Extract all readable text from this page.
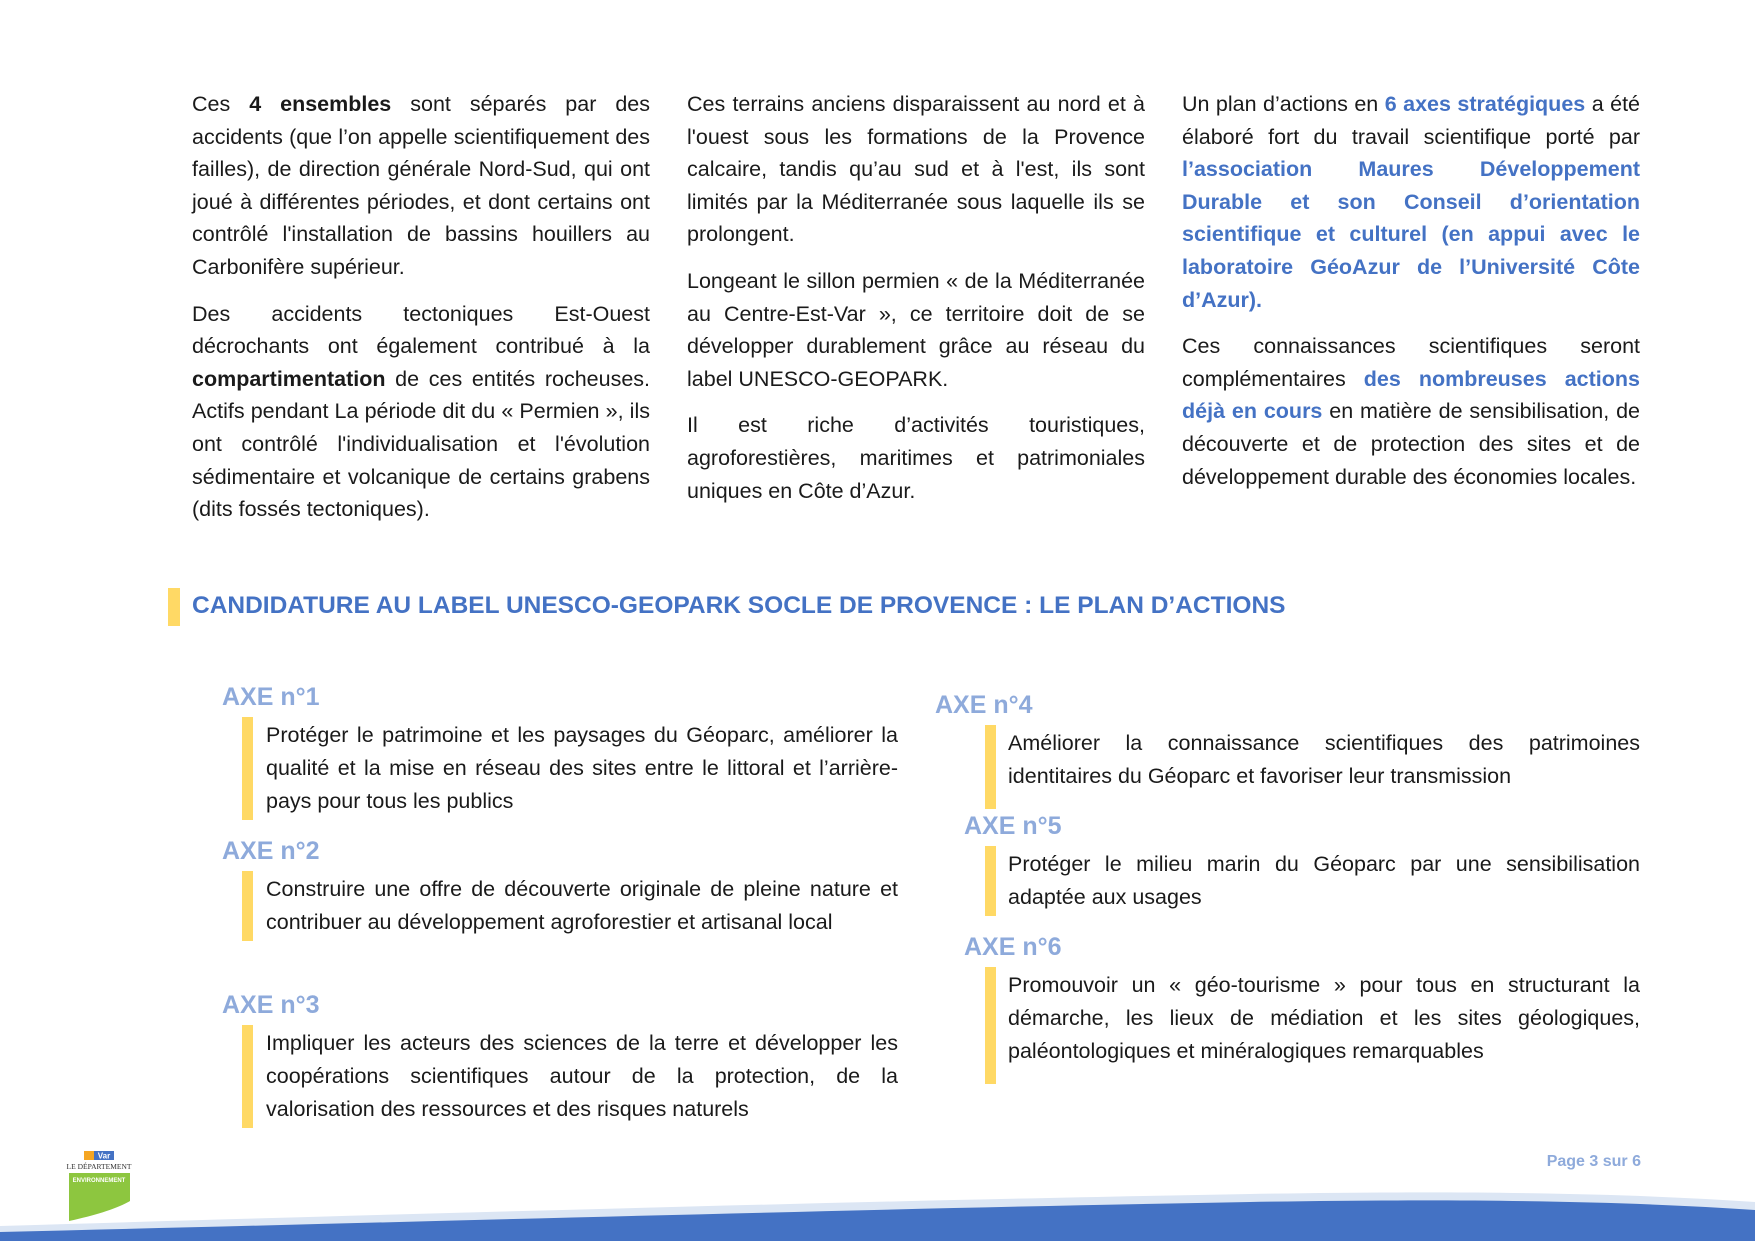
Ces 4 ensembles sont séparés par des accidents (que l’on appelle scientifiquement des failles), de direction générale Nord-Sud, qui ont joué à différentes périodes, et dont certains ont contrôlé l'installation de bassins houillers au Carbonifère supérieur.

Des accidents tectoniques Est-Ouest décrochants ont également contribué à la compartimentation de ces entités rocheuses. Actifs pendant La période dit du « Permien », ils ont contrôlé l'individualisation et l'évolution sédimentaire et volcanique de certains grabens (dits fossés tectoniques).

Ces terrains anciens disparaissent au nord et à l'ouest sous les formations de la Provence calcaire, tandis qu’au sud et à l'est, ils sont limités par la Méditerranée sous laquelle ils se prolongent.

Longeant le sillon permien « de la Méditerranée au Centre-Est-Var », ce territoire doit de se développer durablement grâce au réseau du label UNESCO-GEOPARK.

Il est riche d’activités touristiques, agroforestières, maritimes et patrimoniales uniques en Côte d’Azur.

Un plan d’actions en 6 axes stratégiques a été élaboré fort du travail scientifique porté par l’association Maures Développement Durable et son Conseil d’orientation scientifique et culturel (en appui avec le laboratoire GéoAzur de l’Université Côte d’Azur).

Ces connaissances scientifiques seront complémentaires des nombreuses actions déjà en cours en matière de sensibilisation, de découverte et de protection des sites et de développement durable des économies locales.

CANDIDATURE AU LABEL UNESCO-GEOPARK SOCLE DE PROVENCE : LE PLAN D’ACTIONS
AXE n°1
Protéger le patrimoine et les paysages du Géoparc, améliorer la qualité et la mise en réseau des sites entre le littoral et l’arrière-pays pour tous les publics
AXE n°2
Construire une offre de découverte originale de pleine nature et contribuer au développement agroforestier et artisanal local
AXE n°3
Impliquer les acteurs des sciences de la terre et développer les coopérations scientifiques autour de la protection, de la valorisation des ressources et des risques naturels
AXE n°4
Améliorer la connaissance scientifiques des patrimoines identitaires du Géoparc et favoriser leur transmission
AXE n°5
Protéger le milieu marin du Géoparc par une sensibilisation adaptée aux usages
AXE n°6
Promouvoir un « géo-tourisme » pour tous en structurant la démarche, les lieux de médiation et les sites géologiques, paléontologiques et minéralogiques remarquables
Var
LE DÉPARTEMENT
ENVIRONNEMENT
Page 3 sur 6
